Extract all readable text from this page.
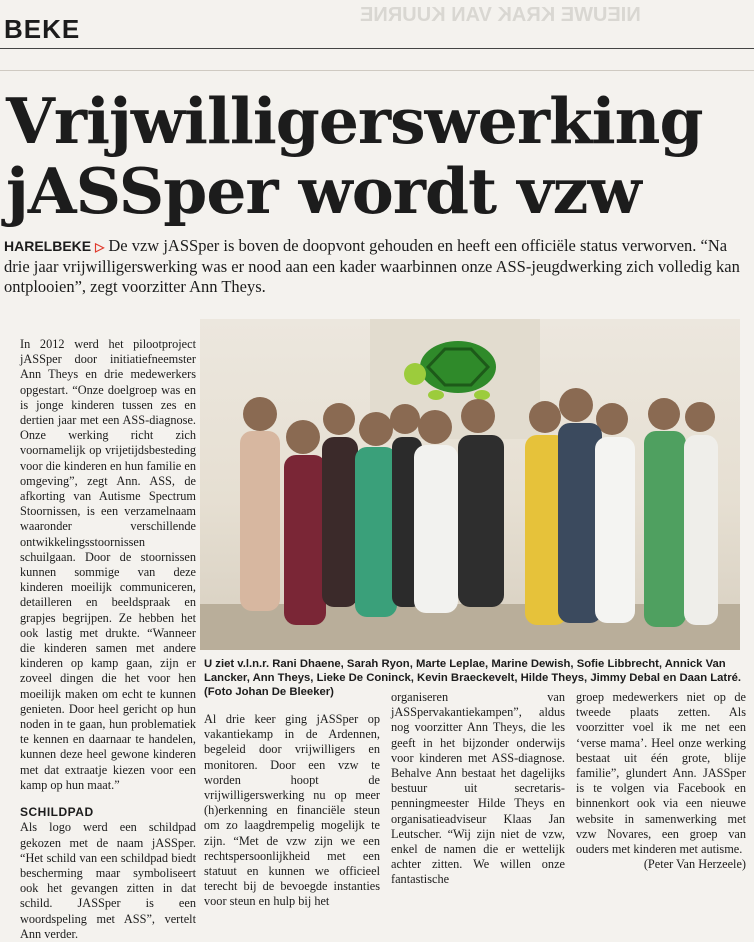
NIEUWE KRAK VAN KUURNE
BEKE
Vrijwilligerswerking
jASSper wordt vzw
HARELBEKE ▷ De vzw jASSper is boven de doopvont gehouden en heeft een officiële status verworven. “Na drie jaar vrijwilligerswerking was er nood aan een kader waarbinnen onze ASS-jeugdwerking zich volledig kan ontplooien”, zegt voorzitter Ann Theys.

In 2012 werd het pilootproject jASSper door initiatiefneemster Ann Theys en drie medewerkers opgestart. “Onze doelgroep was en is jonge kinderen tussen zes en dertien jaar met een ASS-diagnose. Onze werking richt zich voornamelijk op vrijetijdsbesteding voor die kinderen en hun familie en omgeving”, zegt Ann. ASS, de afkorting van Autisme Spectrum Stoornissen, is een verzamelnaam waaronder verschillende ontwikkelingsstoornissen schuilgaan. Door de stoornissen kunnen sommige van deze kinderen moeilijk communiceren, detailleren en beeldspraak en grapjes begrijpen. Ze hebben het ook lastig met drukte. “Wanneer die kinderen samen met andere kinderen op kamp gaan, zijn er zoveel dingen die het voor hen moeilijk maken om echt te kunnen genieten. Door heel gericht op hun noden in te gaan, hun problematiek te kennen en daarnaar te handelen, kunnen deze heel gewone kinderen met dat extraatje kiezen voor een kamp op hun maat.”

SCHILDPAD

Als logo werd een schildpad gekozen met de naam jASSper. “Het schild van een schildpad biedt bescherming maar symboliseert ook het gevangen zitten in dat schild. JASSper is een woordspeling met ASS”, vertelt Ann verder.

U ziet v.l.n.r. Rani Dhaene, Sarah Ryon, Marte Leplae, Marine Dewish, Sofie Libbrecht, Annick Van Lancker, Ann Theys, Lieke De Coninck, Kevin Braeckevelt, Hilde Theys, Jimmy Debal en Daan Latré. (Foto Johan De Bleeker)

Al drie keer ging jASSper op vakantiekamp in de Ardennen, begeleid door vrijwilligers en monitoren. Door een vzw te worden hoopt de vrijwilligerswerking nu op meer (h)erkenning en financiële steun om zo laagdrempelig mogelijk te zijn. “Met de vzw zijn we een rechtspersoonlijkheid met een statuut en kunnen we officieel terecht bij de bevoegde instanties voor steun en hulp bij het

organiseren van jASSpervakantiekampen”, aldus nog voorzitter Ann Theys, die les geeft in het bijzonder onderwijs voor kinderen met ASS-diagnose. Behalve Ann bestaat het dagelijks bestuur uit secretaris-penningmeester Hilde Theys en organisatieadviseur Klaas Jan Leutscher. “Wij zijn niet de vzw, enkel de namen die er wettelijk achter zitten. We willen onze fantastische

groep medewerkers niet op de tweede plaats zetten. Als voorzitter voel ik me net een ‘verse mama’. Heel onze werking bestaat uit één grote, blije familie”, glundert Ann. JASSper is te volgen via Facebook en binnenkort ook via een nieuwe website in samenwerking met vzw Novares, een groep van ouders met kinderen met autisme.

(Peter Van Herzeele)
